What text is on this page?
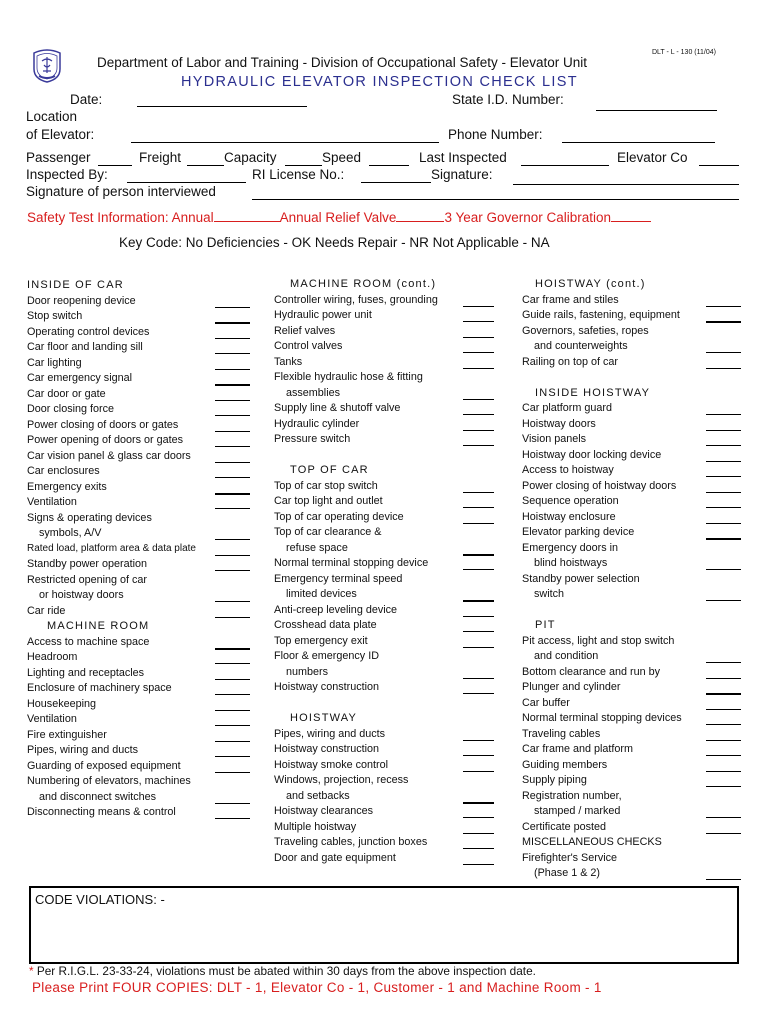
DLT - L - 130 (11/04)
Department of Labor and Training - Division of Occupational Safety - Elevator Unit
HYDRAULIC ELEVATOR INSPECTION CHECK LIST
Date:	State I.D. Number:
Location
of Elevator:	Phone Number:
Passenger	Freight	Capacity	Speed	Last Inspected	Elevator Co
Inspected By:	RI License No.:	Signature:
Signature of person interviewed
Safety Test Information: Annual	Annual Relief Valve	3 Year Governor Calibration
Key Code: No Deficiencies - OK Needs Repair - NR Not Applicable - NA
INSIDE OF CAR
Door reopening device
Stop switch
Operating control devices
Car floor and landing sill
Car lighting
Car emergency signal
Car door or gate
Door closing force
Power closing of doors or gates
Power opening of doors or gates
Car vision panel & glass car doors
Car enclosures
Emergency exits
Ventilation
Signs & operating devices
symbols, A/V
Rated load, platform area & data plate
Standby power operation
Restricted opening of car
or hoistway doors
Car ride
MACHINE ROOM
Access to machine space
Headroom
Lighting and receptacles
Enclosure of machinery space
Housekeeping
Ventilation
Fire extinguisher
Pipes, wiring and ducts
Guarding of exposed equipment
Numbering of elevators, machines
and disconnect switches
Disconnecting means & control
MACHINE ROOM (cont.)
Controller wiring, fuses, grounding
Hydraulic power unit
Relief valves
Control valves
Tanks
Flexible hydraulic hose & fitting
assemblies
Supply line & shutoff valve
Hydraulic cylinder
Pressure switch
TOP OF CAR
Top of car stop switch
Car top light and outlet
Top of car operating device
Top of car clearance &
refuse space
Normal terminal stopping device
Emergency terminal speed
limited devices
Anti-creep leveling device
Crosshead data plate
Top emergency exit
Floor & emergency ID
numbers
Hoistway construction
HOISTWAY
Pipes, wiring and ducts
Hoistway construction
Hoistway smoke control
Windows, projection, recess
and setbacks
Hoistway clearances
Multiple hoistway
Traveling cables, junction boxes
Door and gate equipment
HOISTWAY (cont.)
Car frame and stiles
Guide rails, fastening, equipment
Governors, safeties, ropes
and counterweights
Railing on top of car
INSIDE HOISTWAY
Car platform guard
Hoistway doors
Vision panels
Hoistway door locking device
Access to hoistway
Power closing of hoistway doors
Sequence operation
Hoistway enclosure
Elevator parking device
Emergency doors in
blind hoistways
Standby power selection
switch
PIT
Pit access, light and stop switch
and condition
Bottom clearance and run by
Plunger and cylinder
Car buffer
Normal terminal stopping devices
Traveling cables
Car frame and platform
Guiding members
Supply piping
Registration number,
stamped / marked
Certificate posted
MISCELLANEOUS CHECKS
Firefighter's Service
(Phase 1 & 2)
CODE VIOLATIONS: -
* Per R.I.G.L. 23-33-24, violations must be abated within 30 days from the above inspection date.
Please Print FOUR COPIES: DLT - 1, Elevator Co - 1, Customer - 1 and Machine Room - 1
